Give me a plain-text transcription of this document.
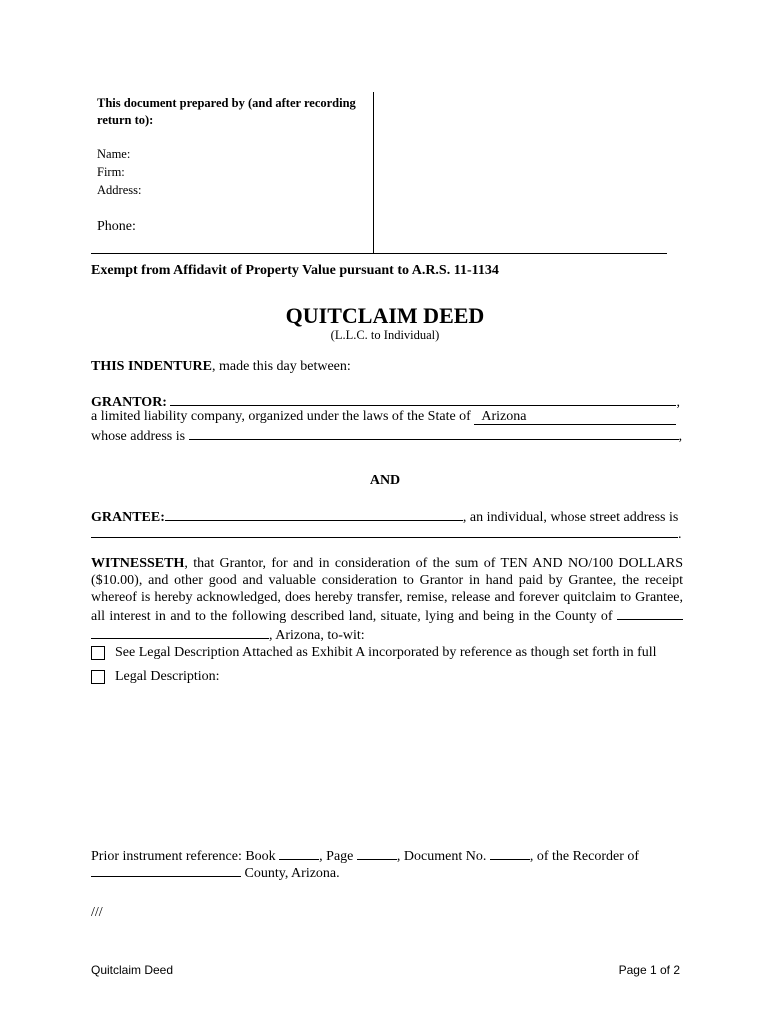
This document prepared by (and after recording return to):
Name:
Firm:
Address:
Phone:
Exempt from Affidavit of Property Value pursuant to A.R.S. 11-1134
QUITCLAIM DEED
(L.L.C. to Individual)
THIS INDENTURE, made this day between:
GRANTOR:	,
a limited liability company, organized under the laws of the State of Arizona
whose address is	,
AND
GRANTEE:	, an individual, whose street address is
.
WITNESSETH, that Grantor, for and in consideration of the sum of TEN AND NO/100 DOLLARS ($10.00), and other good and valuable consideration to Grantor in hand paid by Grantee, the receipt whereof is hereby acknowledged, does hereby transfer, remise, release and forever quitclaim to Grantee, all interest in and to the following described land, situate, lying and being in the County of  , Arizona, to-wit:
See Legal Description Attached as Exhibit A incorporated by reference as though set forth in full
Legal Description:
Prior instrument reference: Book	, Page	, Document No.	, of the Recorder of
County, Arizona.
///
Quitclaim Deed	Page 1 of 2
